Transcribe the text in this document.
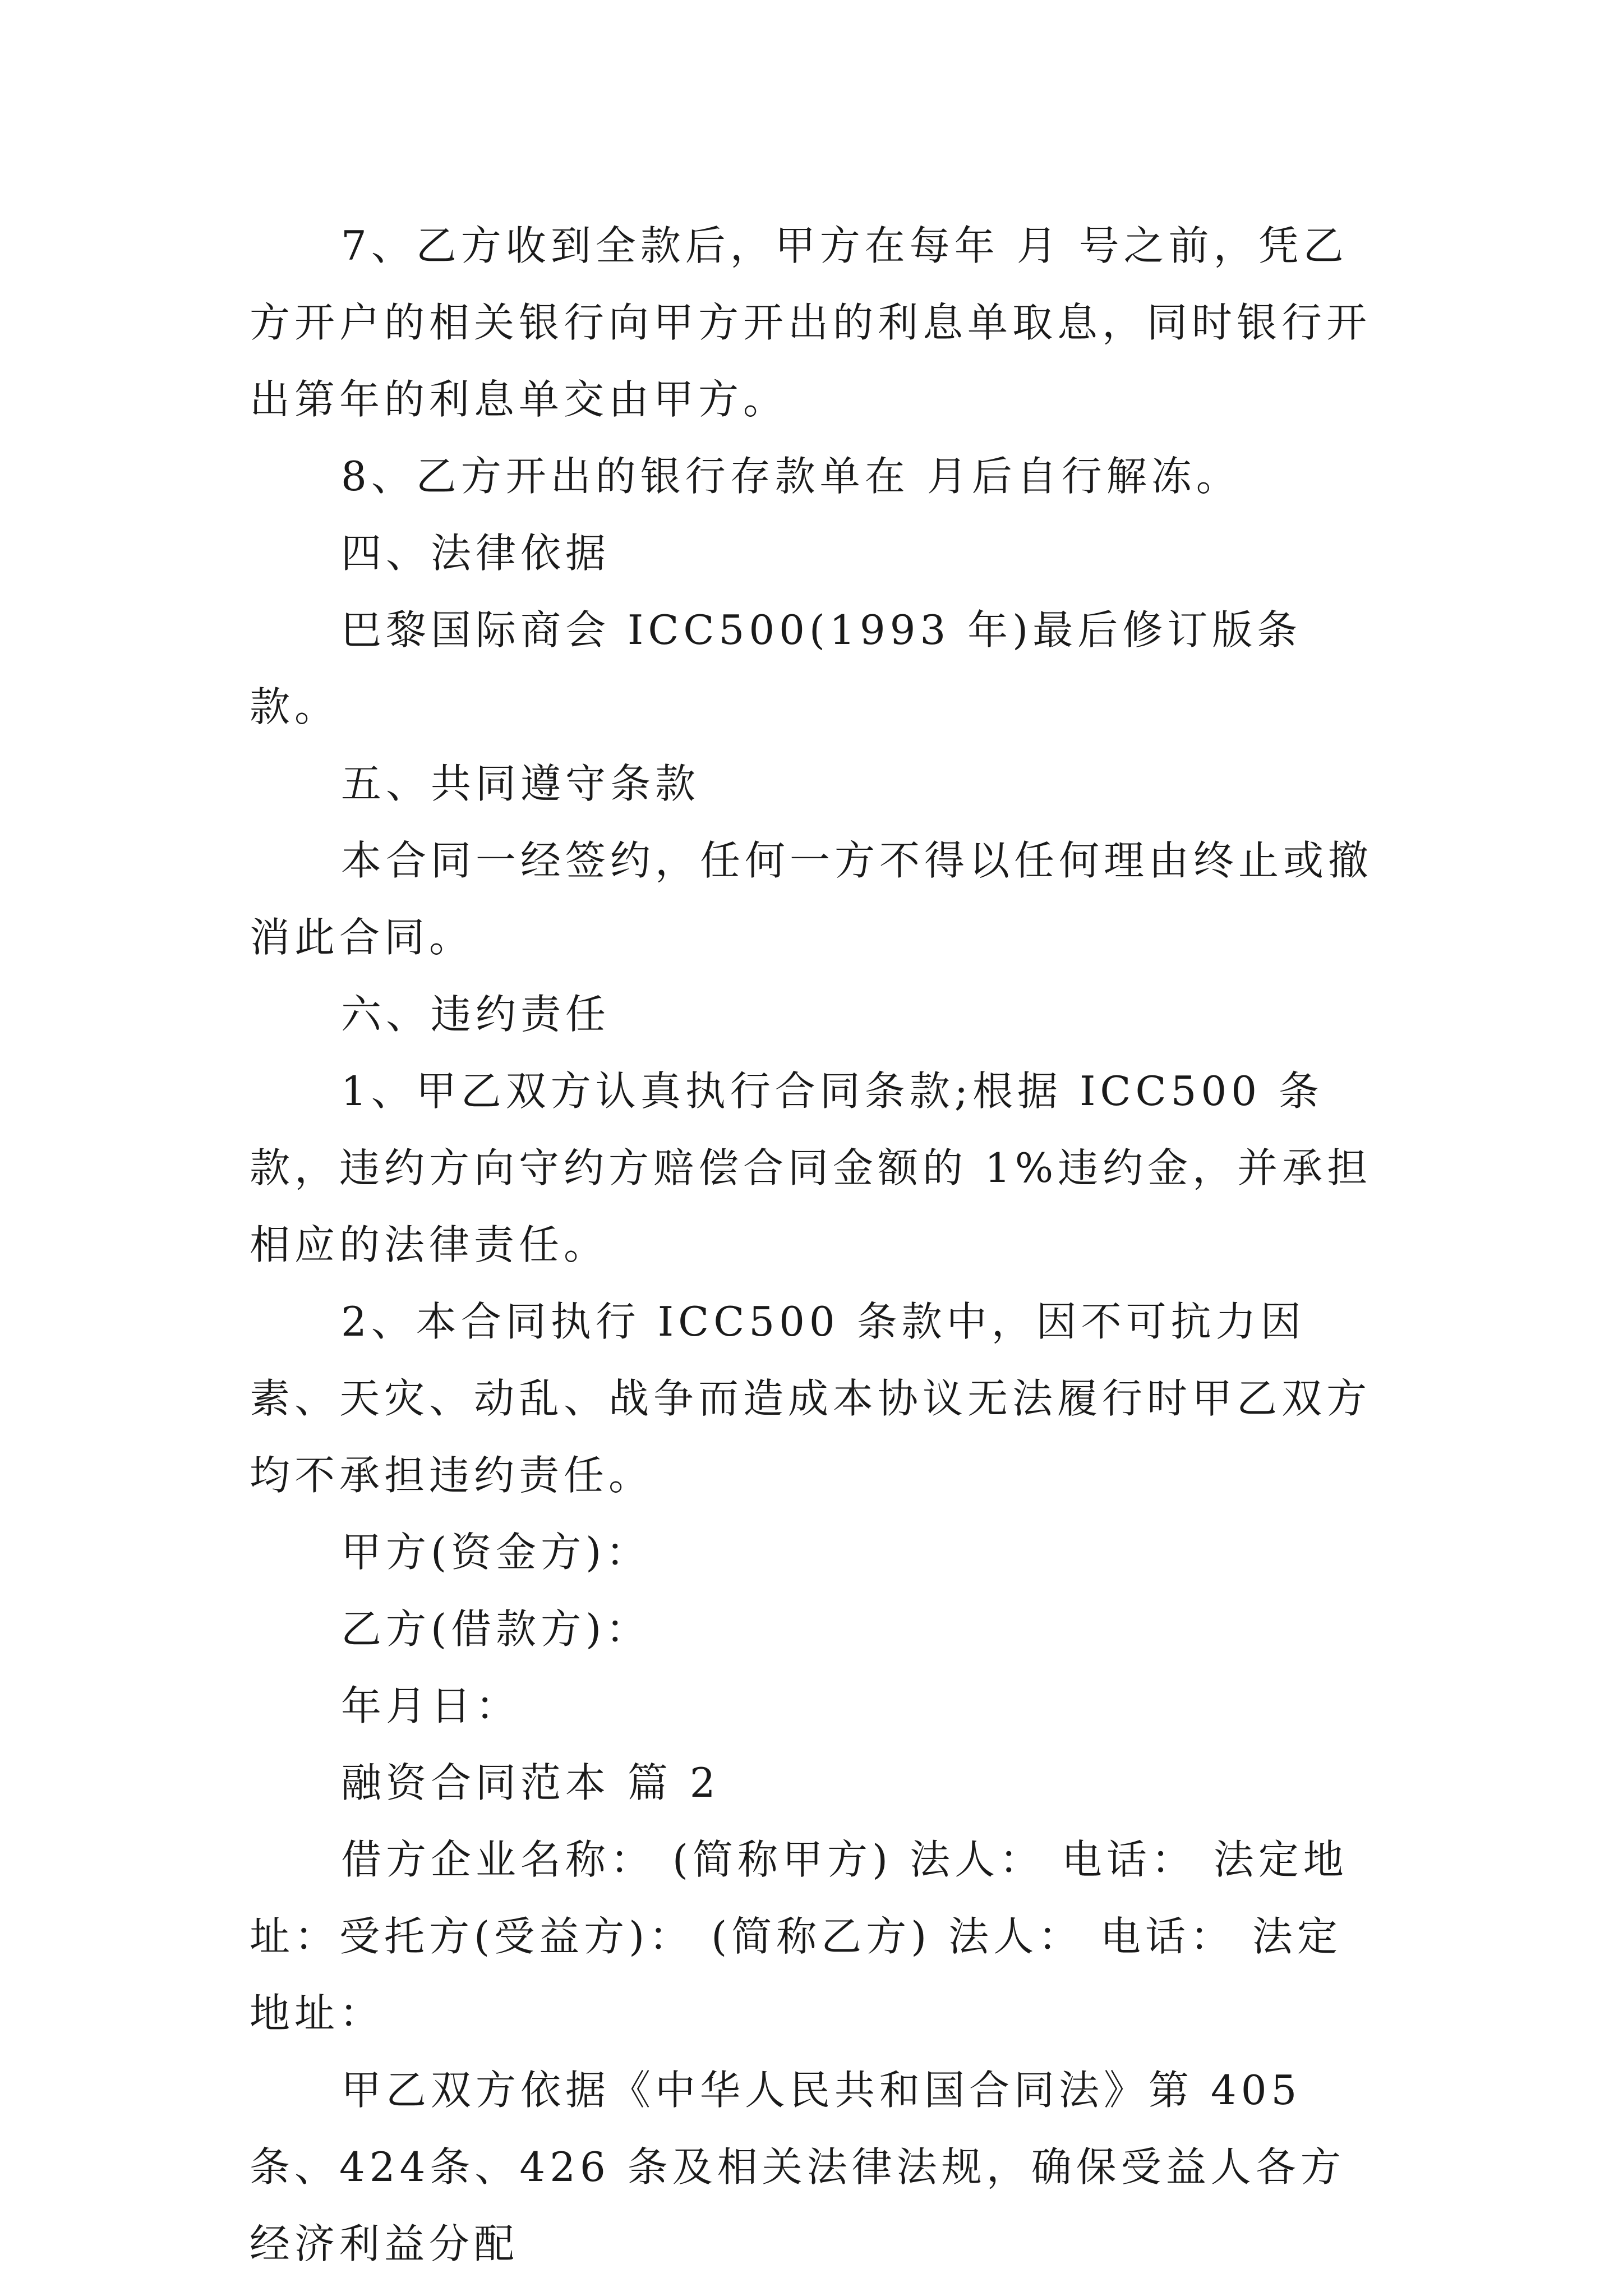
7、乙方收到全款后，甲方在每年 月 号之前，凭乙方开户的相关银行向甲方开出的利息单取息，同时银行开出第年的利息单交由甲方。

8、乙方开出的银行存款单在 月后自行解冻。

四、法律依据

巴黎国际商会 ICC500(1993 年)最后修订版条款。

五、共同遵守条款

本合同一经签约，任何一方不得以任何理由终止或撤消此合同。

六、违约责任

1、甲乙双方认真执行合同条款;根据 ICC500 条款，违约方向守约方赔偿合同金额的 1%违约金，并承担相应的法律责任。

2、本合同执行 ICC500 条款中，因不可抗力因素、天灾、动乱、战争而造成本协议无法履行时甲乙双方均不承担违约责任。

甲方(资金方)：

乙方(借款方)：

年月日：

融资合同范本 篇 2

借方企业名称： (简称甲方) 法人： 电话： 法定地址：受托方(受益方)： (简称乙方) 法人： 电话： 法定地址：

甲乙双方依据《中华人民共和国合同法》第 405 条、424条、426 条及相关法律法规，确保受益人各方经济利益分配
